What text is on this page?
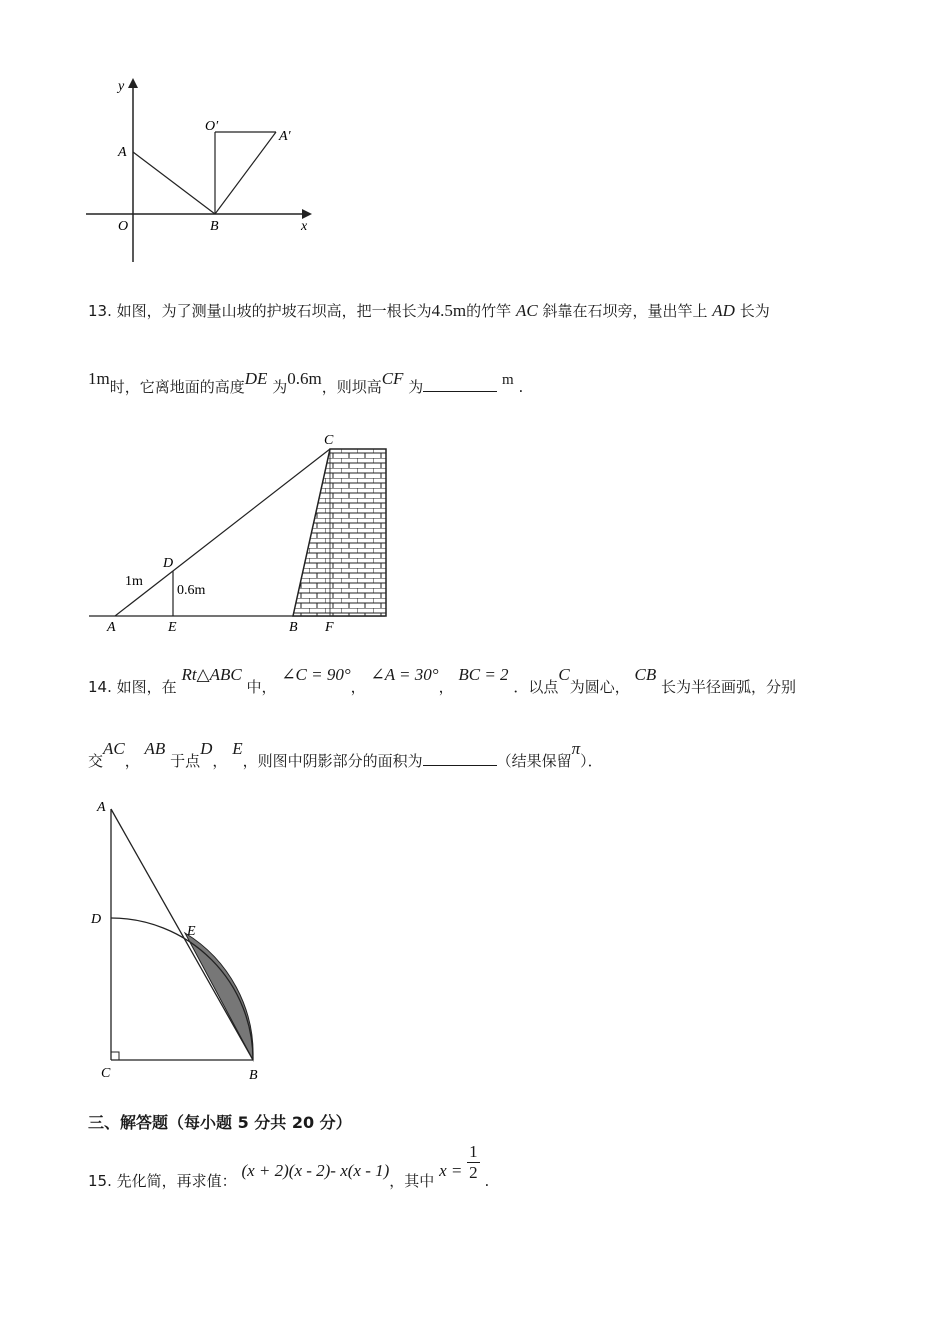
y
A
O	B	x
O′
A′
13. 如图，为了测量山坡的护坡石坝高，把一根长为4.5m的竹竿 AC 斜靠在石坝旁，量出竿上 AD 长为
1m时，它离地面的高度DE 为0.6m，则坝高CF 为	m .
C
D
1m
0.6m
A	E	B F
14. 如图，在 Rt△ABC 中， ∠C = 90°， ∠A = 30°， BC = 2 ．以点C为圆心， CB 长为半径画弧，分别
交AC， AB 于点D， E，则图中阴影部分的面积为	（结果保留π）．
A
D
E
C	B
三、解答题（每小题 5 分共 20 分）
15. 先化简，再求值： (x + 2)(x - 2)- x(x - 1)，其中 $x = \frac{1}{2}$ .
